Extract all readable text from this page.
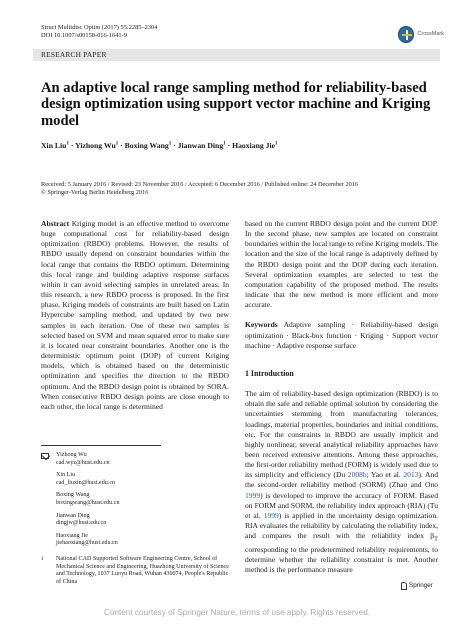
Struct Multidisc Optim (2017) 55:2285–2304
DOI 10.1007/s00158-016-1641-9	CrossMark
RESEARCH PAPER
An adaptive local range sampling method for reliability-based design optimization using support vector machine and Kriging model
Xin Liu$^1$ · Yizhong $Wu^1$ · Boxing Wang$^1$ · Jianwan Ding$^1$ · Haoxiang Jie$^1$
Received: 5 January 2016 / Revised: 23 November 2016 / Accepted: 6 December 2016 / Published online: 24 December 2016
© Springer-Verlag Berlin Heidelberg 2016

Abstract Kriging model is an effective method to overcome huge computational cost for reliability-based design optimization (RBDO) problems. However, the results of RBDO usually depend on constraint boundaries within the local range that contains the RBDO optimum. Determining this local range and building adaptive response surfaces within it can avoid selecting samples in unrelated areas. In this research, a new RBDO process is proposed. In the first phase, Kriging models of constraints are built based on Latin Hypercube sampling method, and updated by two new samples in each iteration. One of these two samples is selected based on SVM and mean squared error to make sure it is located near constraint boundaries. Another one is the deterministic optimum point (DOP) of current Kriging models, which is obtained based on the deterministic optimization and specifies the direction to the RBDO optimum. And the RBDO design point is obtained by SORA. When consecutive RBDO design points are close enough to each other, the local range is determined

based on the current RBDO design point and the current DOP. In the second phase, new samples are located on constraint boundaries within the local range to refine Kriging models. The location and the size of the local range is adaptively defined by the RBDO design point and the DOP during each iteration. Several optimization examples are selected to test the computation capability of the proposed method. The results indicate that the new method is more efficient and more accurate.

Keywords Adaptive sampling · Reliability-based design optimization · Black-box function · Kriging · Support vector machine · Adaptive response surface

1 Introduction

The aim of reliability-based design optimization (RBDO) is to obtain the safe and reliable optimal solution by considering the uncertainties stemming from manufacturing tolerances, loadings, material properties, boundaries and initial conditions, etc. For the constraints in RBDO are usually implicit and highly nonlinear, several analytical reliability approaches have been received extensive attentions. Among these approaches, the first-order reliability method (FORM) is widely used due to its simplicity and efficiency (Du 2008b; Yao et al. 2013). And the second-order reliability method (SORM) (Zhao and Ono 1999) is developed to improve the accuracy of FORM. Based on FORM and SORM, the reliability index approach (RIA) (Tu et al. 1999) is applied in the uncertainty design optimization. RIA evaluates the reliability by calculating the reliability index, and compares the result with the reliability index $\beta_T$ corresponding to the predetermined reliability requirements, to determine whether the reliability constraint is met. Another method is the performance measure

Yizhong Wu
cad.wyz@hust.edu.cn
Xin Liu
cad_liuxin@hust.edu.cn
Boxing Wang
boxingwang@hust.edu.cn
Jianwan Ding
dingjw@hust.edu.cn
Haoxiang Jie
jiehaoxiang@hust.edu.cn
1 National CAD Supported Software Engineering Centre, School of Mechanical Science and Engineering, Huazhong University of Science and Technology, 1037 Luoyu Road, Wuhan 430074, People's Republic of China
Springer
Content courtesy of Springer Nature, terms of use apply. Rights reserved.
